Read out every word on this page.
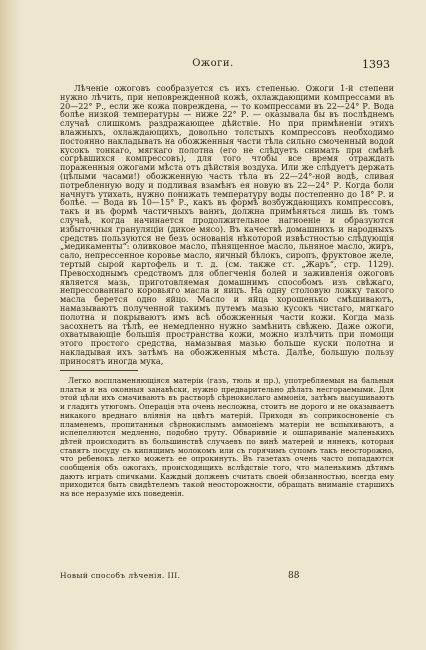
Ожоги.	1393

Лѣченіе ожоговъ сообразуется съ ихъ степенью. Ожоги 1-й степени нужно лѣчить, при неповрежденной кожѣ, охлаждающими компрессами въ 20—22° Р., если же кожа повреждена, — то компрессами въ 22—24° Р. Вода болѣе низкой температуры — ниже 22° Р. — оказывала бы въ послѣднемъ случаѣ слишкомъ раздражающее дѣйствіе. Но при примѣненіи этихъ влажныхъ, охлаждающихъ, довольно толстыхъ компрессовъ необходимо постоянно накладывать на обожженныя части тѣла сильно смоченный водой кусокъ тонкаго, мягкаго полотна (его не слѣдуетъ снимать при смѣнѣ согрѣвшихся компрессовъ), для того чтобы все время отраждать пораженныя ожогами мѣста отъ дѣйствія воздуха. Или же слѣдуетъ держать (цѣлыми часами!) обожженную часть тѣла въ 22—24°-ной водѣ, сливая потребленную воду и подливая взамѣнъ ея новую въ 22—24° Р. Когда боли начнутъ утихать, нужно понижать температуру воды постепенно до 18° Р. и болѣе. — Вода въ 10—15° Р., какъ въ формѣ возбуждающихъ компрессовъ, такъ и въ формѣ частичныхъ ваннъ, должна примѣняться лишь въ томъ случаѣ, когда начинается продолжительное нагноеніе и образуются избыточныя грануляціи (дикое мясо). Въ качествѣ домашнихъ и народныхъ средствъ пользуются не безъ основанія нѣкоторой извѣстностью слѣдующія „медикаменты“: оливковое масло, пѣнященное масло, льняное масло, жиръ, сало, непрессенное коровье масло, яичный бѣлокъ, сиропъ, фруктовое желе, тертый сырой картофель и т. д. (см. также ст. „Жаръ“, стр. 1129). Превосходнымъ средствомъ для облегченія болей и заживленія ожоговъ является мазь, приготовляемая домашнимъ способомъ изъ свѣжаго, непрессованнаго коровьяго масла и яицъ. На одну столовую ложку такого масла берется одно яйцо. Масло и яйца хорошенько смѣшиваютъ, намазываютъ полученной такимъ путемъ мазью кусокъ чистаго, мягкаго полотна и покрываютъ имъ всѣ обожженныя части кожи. Когда мазь засохнетъ на тѣлѣ, ее немедленно нужно замѣнить свѣжею. Даже ожоги, охватывающіе большія пространства кожи, можно излѣчить при помощи этого простого средства, намазывая мазью больше куски полотна и накладывая ихъ затѣмъ на обожженныя мѣста. Далѣе, большую пользу приносятъ иногда мука,

Легко воспламеняющіяся матеріи (газъ, тюль и пр.), употребляемыя на бальныя платья и на оконныя занавѣски, нужно предварительно дѣлать несгораемыми. Для этой цѣли ихъ смачиваютъ въ растворѣ сѣрнокислаго аммонія, затѣмъ высушиваютъ и гладятъ утюгомъ. Операція эта очень несложна, стоитъ не дорого и не оказываетъ никакого вреднаго вліянія на цвѣтъ матерій. Приходя въ соприкосновеніе съ пламенемъ, пропитанныя сѣрнокислымъ аммоніемъ матеріи не вспыхиваютъ, а испепеляются медленно, подобно труту. Обваривніе и ошпариваніе маленькихъ дѣтей происходитъ въ большинствѣ случаевъ по винѣ матерей и нянекъ, которыя ставятъ посуду съ кипящимъ молокомъ или съ горячимъ супомъ такъ неосторожно, что ребенокъ легко можетъ ее опрокинуть. Въ газетахъ очень часто попадаются сообщенія объ ожогахъ, происходящихъ вслѣдствіе того, что маленькимъ дѣтямъ даютъ играть спичками. Каждый долженъ считать своей обязанностью, всегда ему приходится быть свидѣтелемъ такой неосторожности, обращать вниманіе старшихъ на все неразуміе ихъ поведенія.

Новый способъ лѣченія. III.	88
